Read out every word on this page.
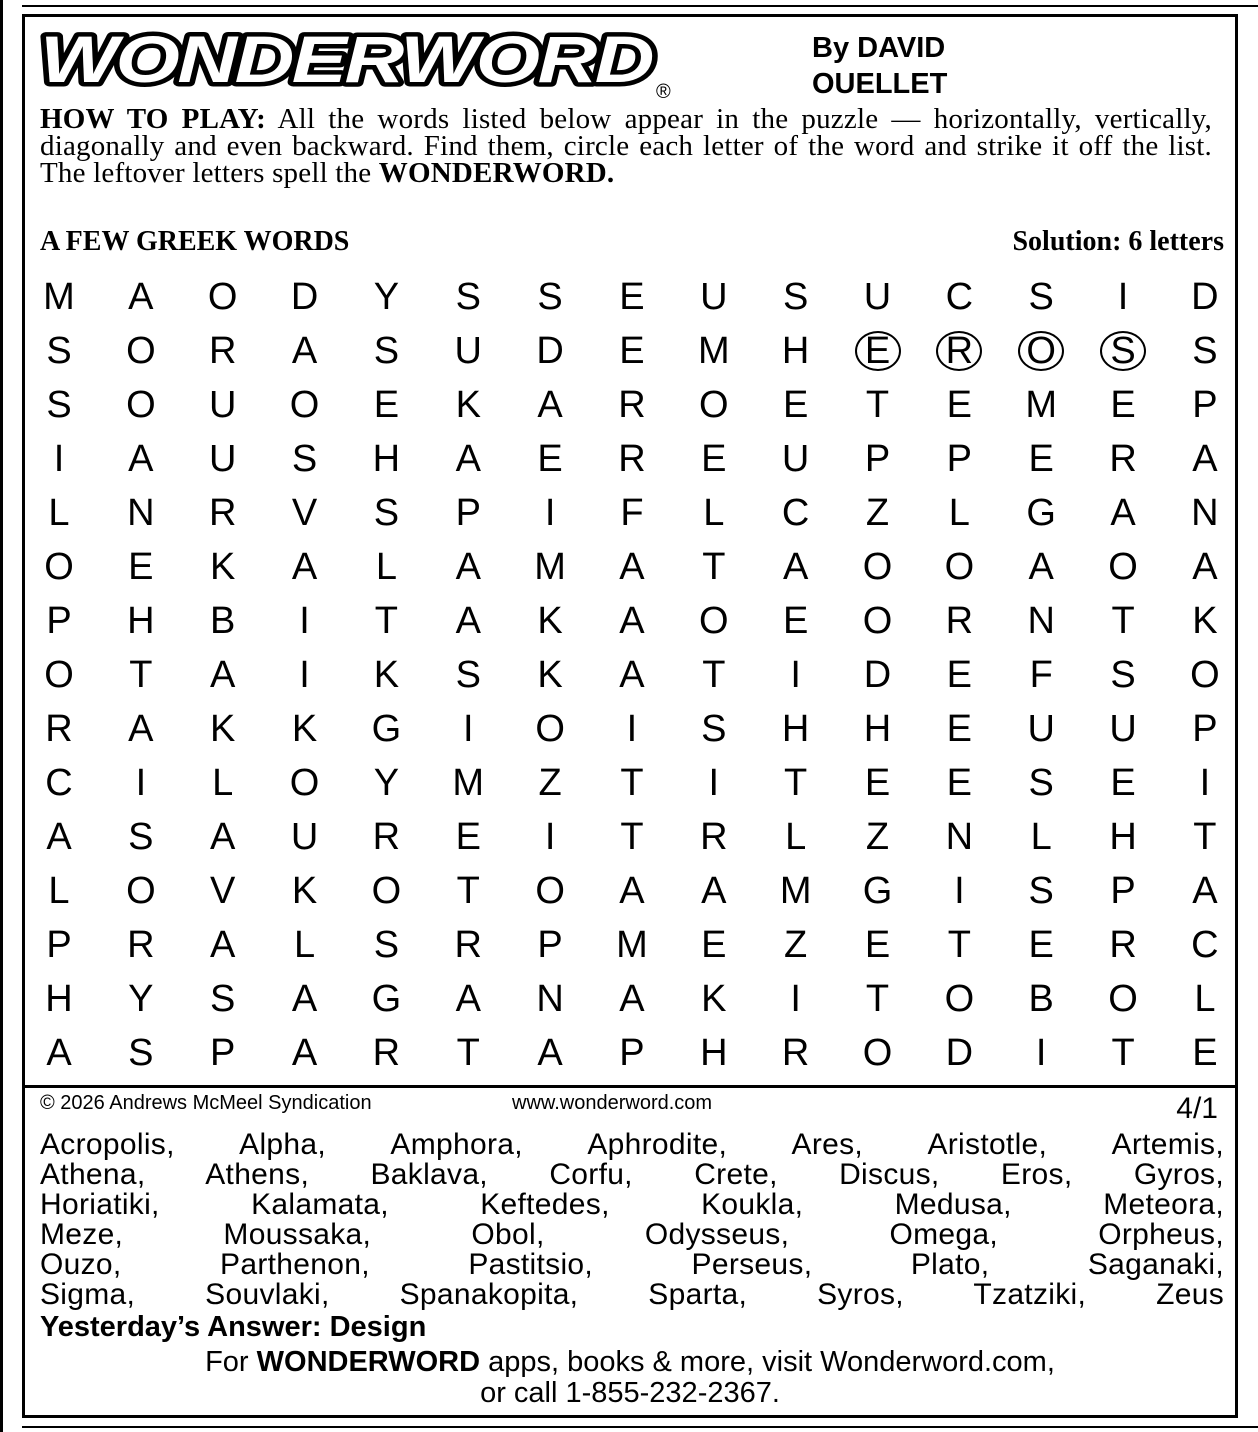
WONDERWORD ®
By DAVID
OUELLET
HOW TO PLAY: All the words listed below appear in the puzzle — horizontally, vertically, diagonally and even backward. Find them, circle each letter of the word and strike it off the list. The leftover letters spell the WONDERWORD.
A FEW GREEK WORDS	Solution: 6 letters
M	A	O	D	Y	S	S	E	U	S	U	C	S	I	D
S	O	R	A	S	U	D	E	M	H	E	R	O	S	S
S	O	U	O	E	K	A	R	O	E	T	E	M	E	P
I	A	U	S	H	A	E	R	E	U	P	P	E	R	A
L	N	R	V	S	P	I	F	L	C	Z	L	G	A	N
O	E	K	A	L	A	M	A	T	A	O	O	A	O	A
P	H	B	I	T	A	K	A	O	E	O	R	N	T	K
O	T	A	I	K	S	K	A	T	I	D	E	F	S	O
R	A	K	K	G	I	O	I	S	H	H	E	U	U	P
C	I	L	O	Y	M	Z	T	I	T	E	E	S	E	I
A	S	A	U	R	E	I	T	R	L	Z	N	L	H	T
L	O	V	K	O	T	O	A	A	M	G	I	S	P	A
P	R	A	L	S	R	P	M	E	Z	E	T	E	R	C
H	Y	S	A	G	A	N	A	K	I	T	O	B	O	L
A	S	P	A	R	T	A	P	H	R	O	D	I	T	E
© 2026 Andrews McMeel Syndication	www.wonderword.com	4/1
Acropolis, Alpha, Amphora, Aphrodite, Ares, Aristotle, Artemis,
Athena, Athens, Baklava, Corfu, Crete, Discus, Eros, Gyros,
Horiatiki, Kalamata, Keftedes, Koukla, Medusa, Meteora,
Meze, Moussaka, Obol, Odysseus, Omega, Orpheus,
Ouzo, Parthenon, Pastitsio, Perseus, Plato, Saganaki,
Sigma, Souvlaki, Spanakopita, Sparta, Syros, Tzatziki, Zeus
Yesterday’s Answer: Design
For WONDERWORD apps, books & more, visit Wonderword.com,
or call 1-855-232-2367.
